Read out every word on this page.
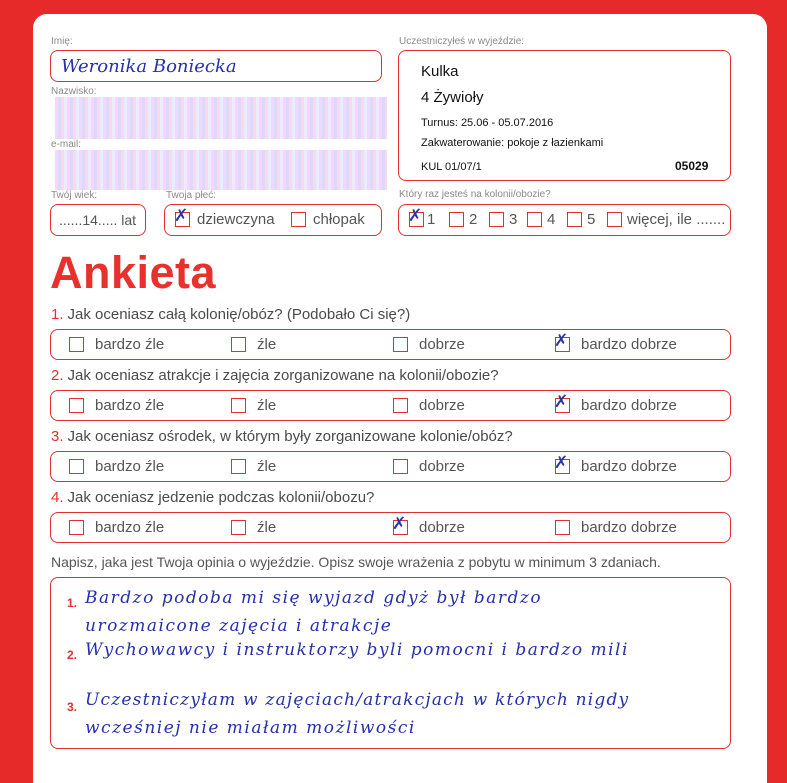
Imię:
Weronika Boniecka
Nazwisko:
e-mail:
Twój wiek:
......14..... lat
Twoja płeć:
✗ dziewczyna	chłopak
Uczestniczyłeś w wyjeździe:
Kulka
4 Żywioły
Turnus: 25.06 - 05.07.2016
Zakwaterowanie: pokoje z łazienkami
KUL 01/07/1	05029
Który raz jesteś na kolonii/obozie?
✗ 1 2 3 4 5 więcej, ile .......
Ankieta
1. Jak oceniasz całą kolonię/obóz? (Podobało Ci się?)
bardzo źle	źle	dobrze	✗ bardzo dobrze
2. Jak oceniasz atrakcje i zajęcia zorganizowane na kolonii/obozie?
bardzo źle	źle	dobrze	✗ bardzo dobrze
3. Jak oceniasz ośrodek, w którym były zorganizowane kolonie/obóz?
bardzo źle	źle	dobrze	✗ bardzo dobrze
4. Jak oceniasz jedzenie podczas kolonii/obozu?
bardzo źle	źle	✗ dobrze	bardzo dobrze
Napisz, jaka jest Twoja opinia o wyjeździe. Opisz swoje wrażenia z pobytu w minimum 3 zdaniach.
1. Bardzo podoba mi się wyjazd gdyż był bardzo
urozmaicone zajęcia i atrakcje
2. Wychowawcy i instruktorzy byli pomocni i bardzo mili
3. Uczestniczyłam w zajęciach/atrakcjach w których nigdy
wcześniej nie miałam możliwości
